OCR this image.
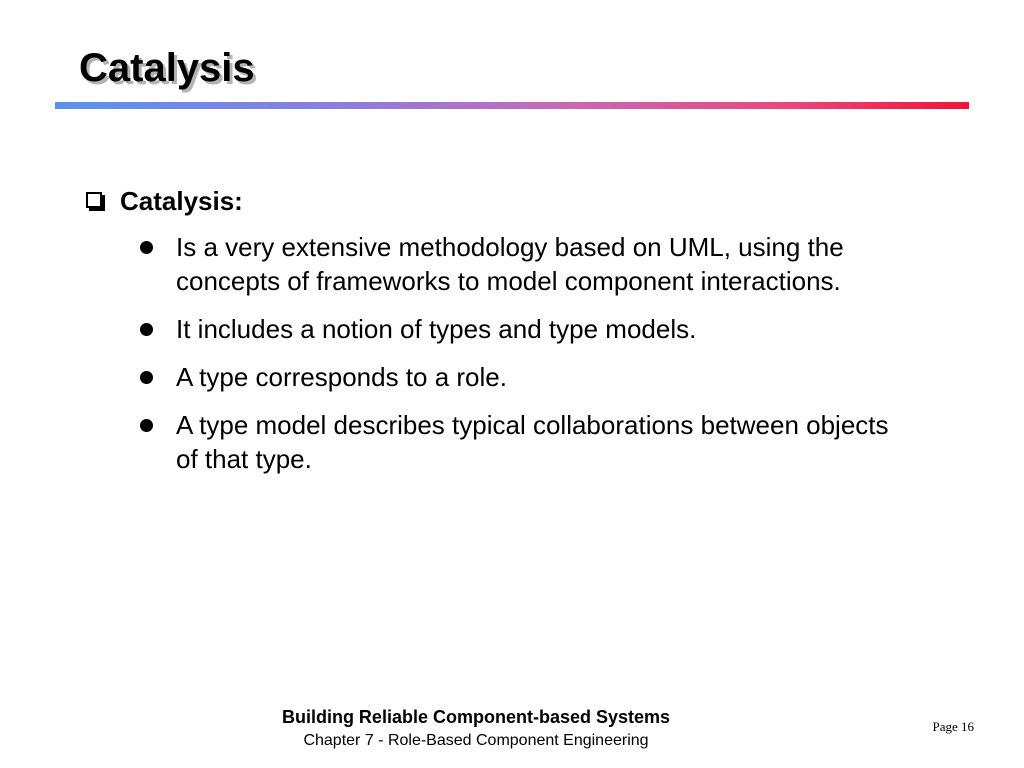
Catalysis
Catalysis:
Is a very extensive methodology based on UML, using the concepts of frameworks to model component interactions.
It includes a notion of types and type models.
A type corresponds to a role.
A type model describes typical collaborations between objects of that type.
Building Reliable Component-based Systems
Chapter 7 - Role-Based Component Engineering
Page 16
